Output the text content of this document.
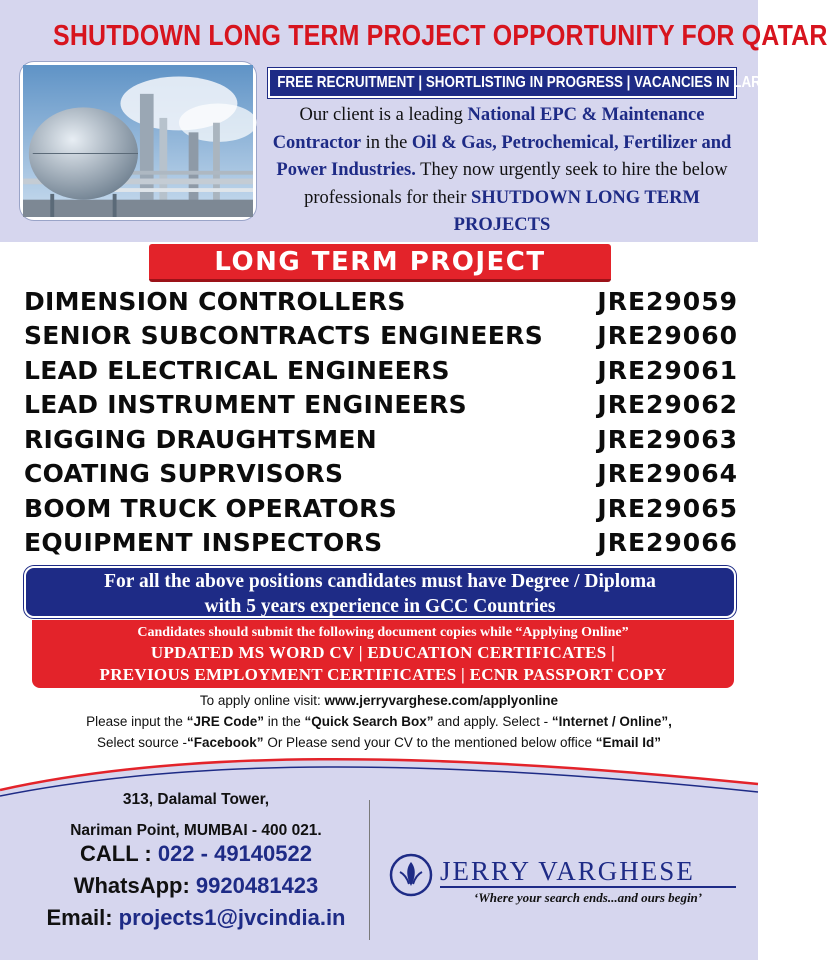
SHUTDOWN LONG TERM PROJECT OPPORTUNITY FOR QATAR
FREE RECRUITMENT | SHORTLISTING IN PROGRESS | VACANCIES IN LARGE NOS.
Our client is a leading National EPC & Maintenance Contractor in the Oil & Gas, Petrochemical, Fertilizer and Power Industries. They now urgently seek to hire the below professionals for their SHUTDOWN LONG TERM PROJECTS
LONG TERM PROJECT
DIMENSION CONTROLLERS	JRE29059
SENIOR SUBCONTRACTS ENGINEERS JRE29060
LEAD ELECTRICAL ENGINEERS	JRE29061
LEAD INSTRUMENT ENGINEERS	JRE29062
RIGGING DRAUGHTSMEN	JRE29063
COATING SUPRVISORS	JRE29064
BOOM TRUCK OPERATORS	JRE29065
EQUIPMENT INSPECTORS	JRE29066
For all the above positions candidates must have Degree / Diploma
with 5 years experience in GCC Countries
Candidates should submit the following document copies while “Applying Online”
UPDATED MS WORD CV | EDUCATION CERTIFICATES |
PREVIOUS EMPLOYMENT CERTIFICATES | ECNR PASSPORT COPY
To apply online visit: www.jerryvarghese.com/applyonline
Please input the “JRE Code” in the “Quick Search Box” and apply. Select - “Internet / Online”,
Select source -“Facebook” Or Please send your CV to the mentioned below office “Email Id”
313, Dalamal Tower,
Nariman Point, MUMBAI - 400 021.
CALL : 022 - 49140522
WhatsApp: 9920481423
Email: projects1@jvcindia.in
JERRY VARGHESE
‘Where your search ends...and ours begin’
